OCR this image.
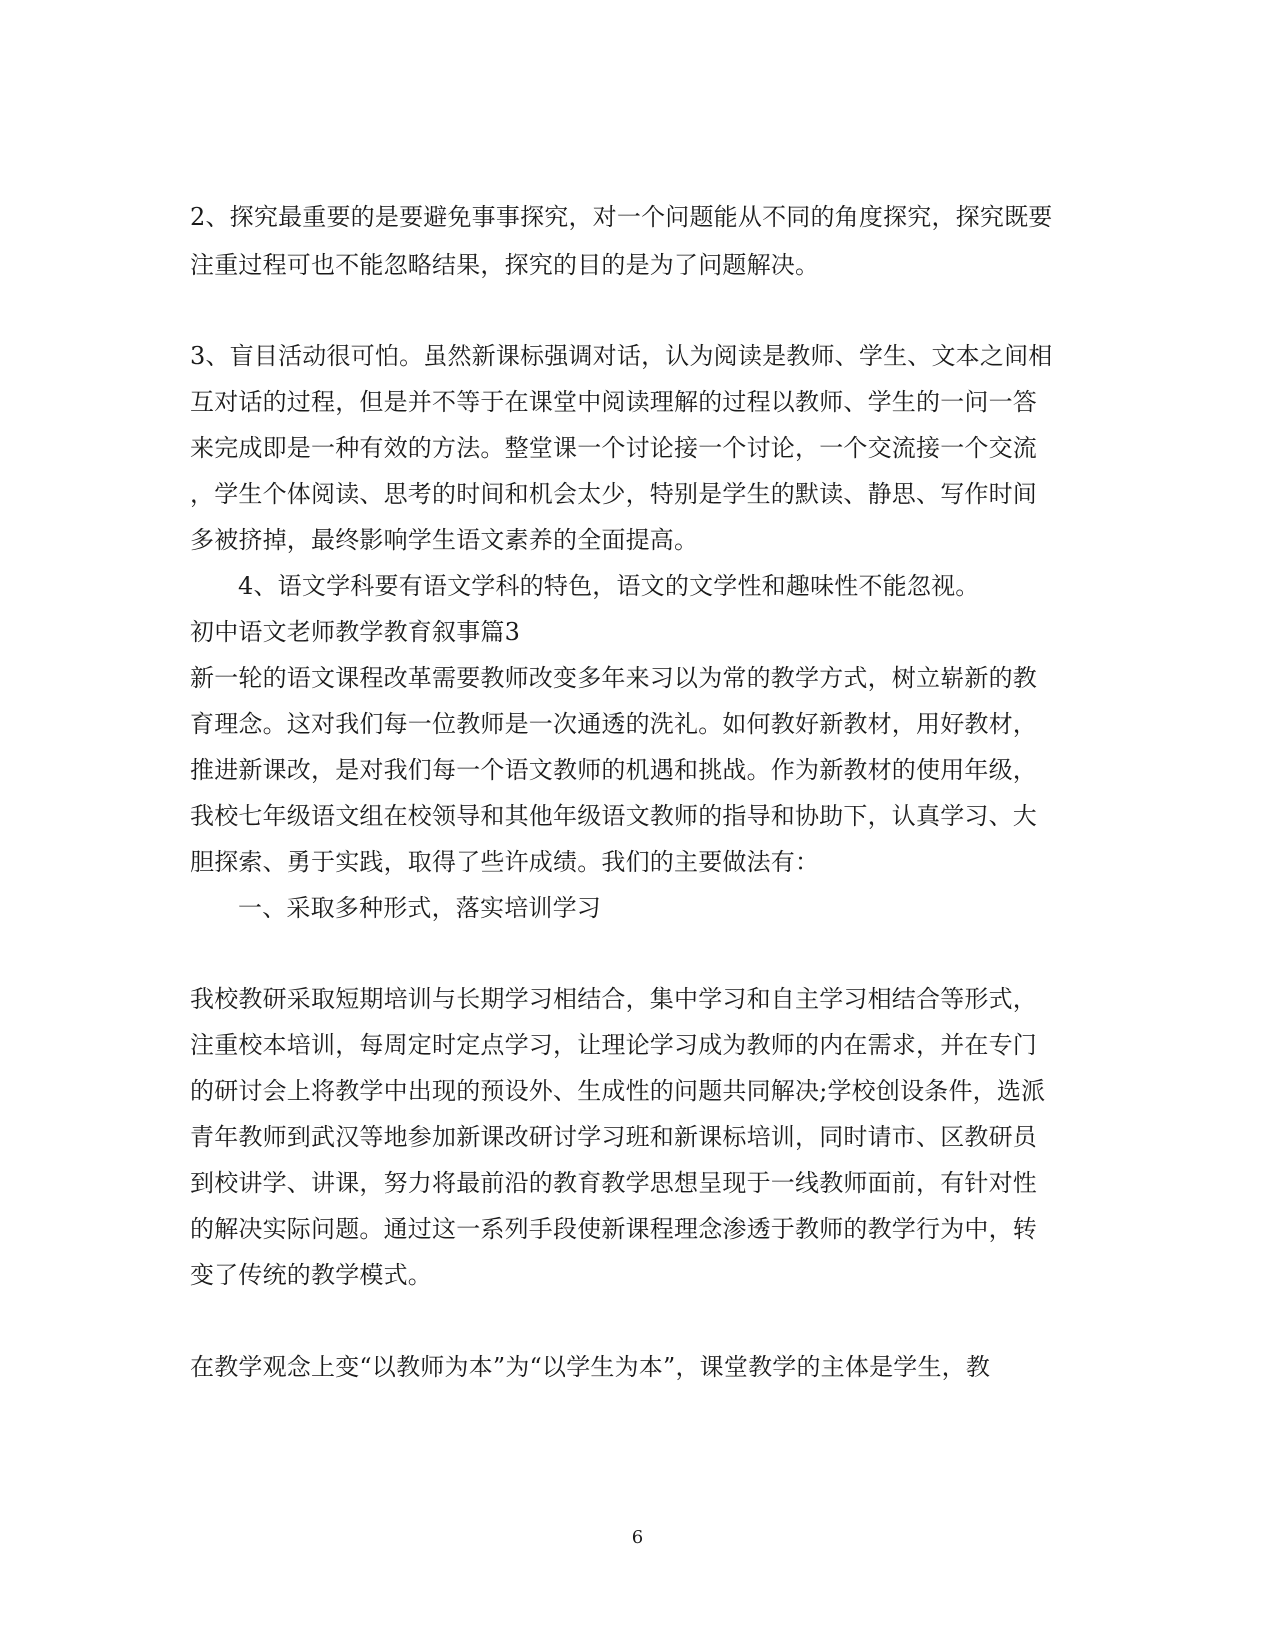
2、探究最重要的是要避免事事探究，对一个问题能从不同的角度探究，探究既要
注重过程可也不能忽略结果，探究的目的是为了问题解决。
3、盲目活动很可怕。虽然新课标强调对话，认为阅读是教师、学生、文本之间相
互对话的过程，但是并不等于在课堂中阅读理解的过程以教师、学生的一问一答
来完成即是一种有效的方法。整堂课一个讨论接一个讨论，一个交流接一个交流
，学生个体阅读、思考的时间和机会太少，特别是学生的默读、静思、写作时间
多被挤掉，最终影响学生语文素养的全面提高。
4、语文学科要有语文学科的特色，语文的文学性和趣味性不能忽视。
初中语文老师教学教育叙事篇3
新一轮的语文课程改革需要教师改变多年来习以为常的教学方式，树立崭新的教
育理念。这对我们每一位教师是一次通透的洗礼。如何教好新教材，用好教材，
推进新课改，是对我们每一个语文教师的机遇和挑战。作为新教材的使用年级，
我校七年级语文组在校领导和其他年级语文教师的指导和协助下，认真学习、大
胆探索、勇于实践，取得了些许成绩。我们的主要做法有：
一、采取多种形式，落实培训学习
我校教研采取短期培训与长期学习相结合，集中学习和自主学习相结合等形式，
注重校本培训，每周定时定点学习，让理论学习成为教师的内在需求，并在专门
的研讨会上将教学中出现的预设外、生成性的问题共同解决;学校创设条件，选派
青年教师到武汉等地参加新课改研讨学习班和新课标培训，同时请市、区教研员
到校讲学、讲课，努力将最前沿的教育教学思想呈现于一线教师面前，有针对性
的解决实际问题。通过这一系列手段使新课程理念渗透于教师的教学行为中，转
变了传统的教学模式。
在教学观念上变“以教师为本”为“以学生为本”，课堂教学的主体是学生，教
6
